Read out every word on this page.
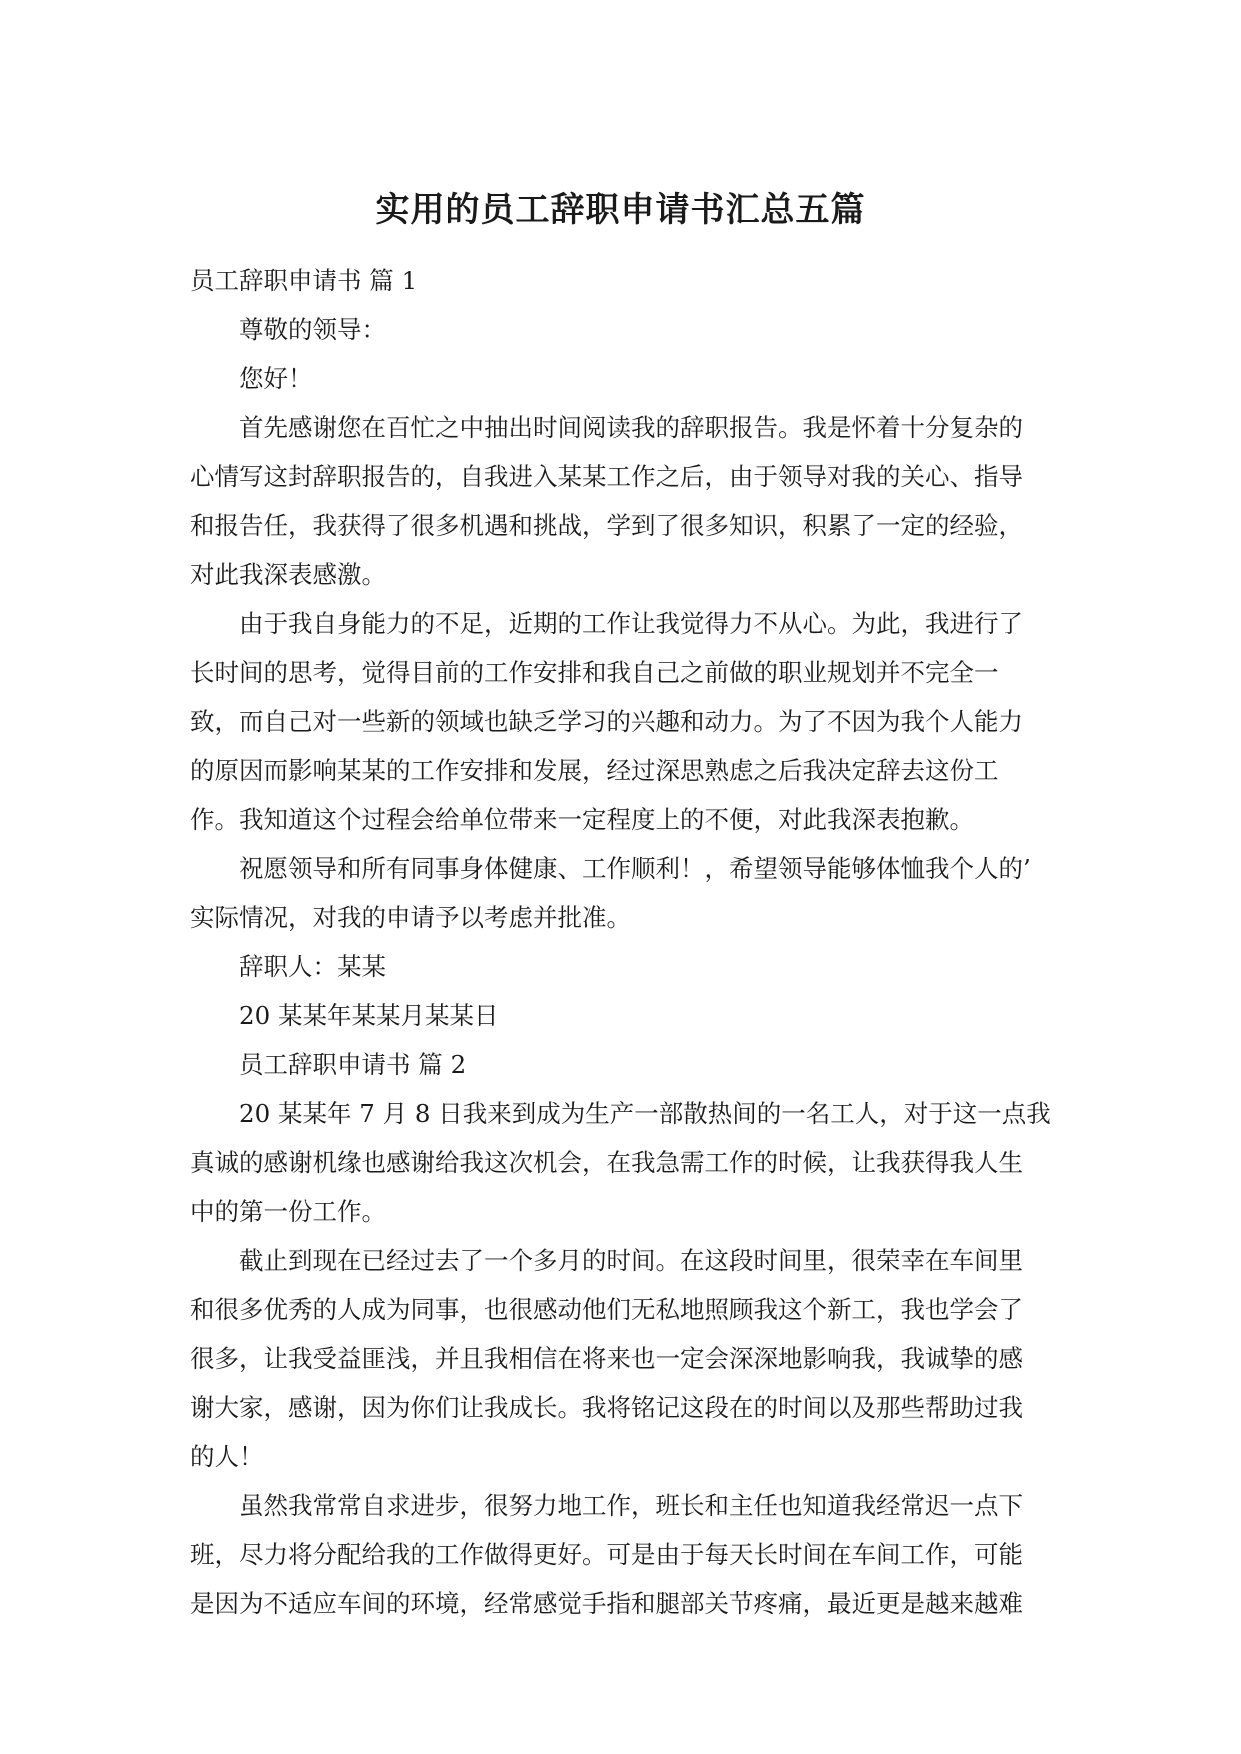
实用的员工辞职申请书汇总五篇

员工辞职申请书 篇 1

尊敬的领导：

您好！

首先感谢您在百忙之中抽出时间阅读我的辞职报告。我是怀着十分复杂的

心情写这封辞职报告的，自我进入某某工作之后，由于领导对我的关心、指导

和报告任，我获得了很多机遇和挑战，学到了很多知识，积累了一定的经验，

对此我深表感激。

由于我自身能力的不足，近期的工作让我觉得力不从心。为此，我进行了

长时间的思考，觉得目前的工作安排和我自己之前做的职业规划并不完全一

致，而自己对一些新的领域也缺乏学习的兴趣和动力。为了不因为我个人能力

的原因而影响某某的工作安排和发展，经过深思熟虑之后我决定辞去这份工

作。我知道这个过程会给单位带来一定程度上的不便，对此我深表抱歉。

祝愿领导和所有同事身体健康、工作顺利！，希望领导能够体恤我个人的’

实际情况，对我的申请予以考虑并批准。

辞职人：某某

20 某某年某某月某某日

员工辞职申请书 篇 2

20 某某年 7 月 8 日我来到成为生产一部散热间的一名工人，对于这一点我

真诚的感谢机缘也感谢给我这次机会，在我急需工作的时候，让我获得我人生

中的第一份工作。

截止到现在已经过去了一个多月的时间。在这段时间里，很荣幸在车间里

和很多优秀的人成为同事，也很感动他们无私地照顾我这个新工，我也学会了

很多，让我受益匪浅，并且我相信在将来也一定会深深地影响我，我诚挚的感

谢大家，感谢，因为你们让我成长。我将铭记这段在的时间以及那些帮助过我

的人！

虽然我常常自求进步，很努力地工作，班长和主任也知道我经常迟一点下

班，尽力将分配给我的工作做得更好。可是由于每天长时间在车间工作，可能

是因为不适应车间的环境，经常感觉手指和腿部关节疼痛，最近更是越来越难
